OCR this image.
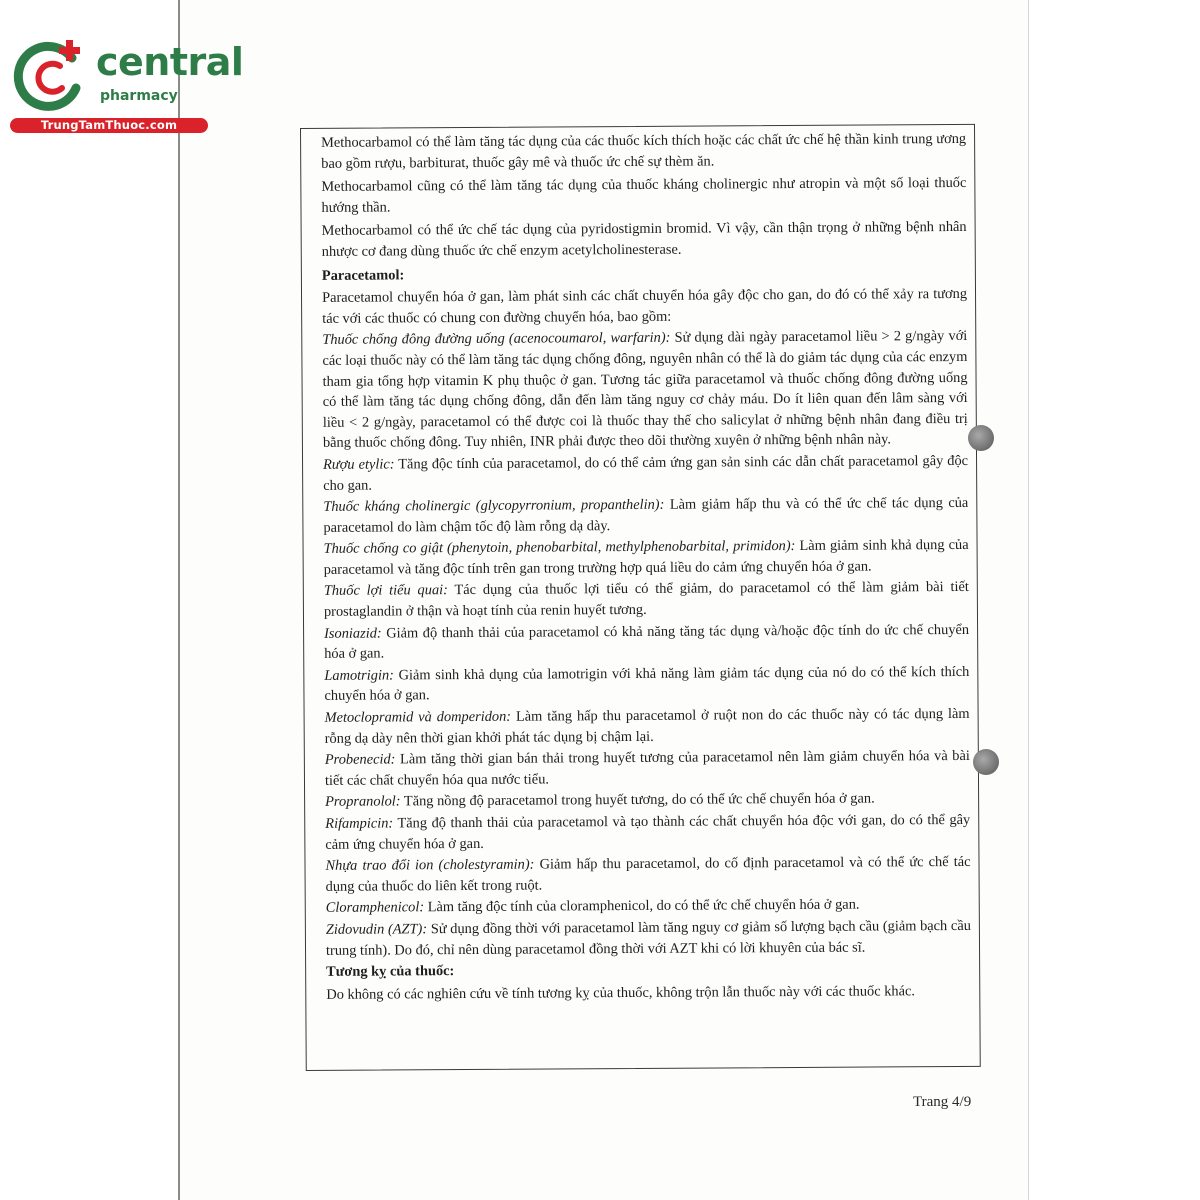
central
pharmacy
TrungTamThuoc.com

Methocarbamol có thể làm tăng tác dụng của các thuốc kích thích hoặc các chất ức chế hệ thần kinh trung ương bao gồm rượu, barbiturat, thuốc gây mê và thuốc ức chế sự thèm ăn.

Methocarbamol cũng có thể làm tăng tác dụng của thuốc kháng cholinergic như atropin và một số loại thuốc hướng thần.

Methocarbamol có thể ức chế tác dụng của pyridostigmin bromid. Vì vậy, cần thận trọng ở những bệnh nhân nhược cơ đang dùng thuốc ức chế enzym acetylcholinesterase.

Paracetamol:

Paracetamol chuyển hóa ở gan, làm phát sinh các chất chuyển hóa gây độc cho gan, do đó có thể xảy ra tương tác với các thuốc có chung con đường chuyển hóa, bao gồm:

Thuốc chống đông đường uống (acenocoumarol, warfarin): Sử dụng dài ngày paracetamol liều > 2 g/ngày với các loại thuốc này có thể làm tăng tác dụng chống đông, nguyên nhân có thể là do giảm tác dụng của các enzym tham gia tổng hợp vitamin K phụ thuộc ở gan. Tương tác giữa paracetamol và thuốc chống đông đường uống có thể làm tăng tác dụng chống đông, dẫn đến làm tăng nguy cơ chảy máu. Do ít liên quan đến lâm sàng với liều < 2 g/ngày, paracetamol có thể được coi là thuốc thay thế cho salicylat ở những bệnh nhân đang điều trị bằng thuốc chống đông. Tuy nhiên, INR phải được theo dõi thường xuyên ở những bệnh nhân này.

Rượu etylic: Tăng độc tính của paracetamol, do có thể cảm ứng gan sản sinh các dẫn chất paracetamol gây độc cho gan.

Thuốc kháng cholinergic (glycopyrronium, propanthelin): Làm giảm hấp thu và có thể ức chế tác dụng của paracetamol do làm chậm tốc độ làm rỗng dạ dày.

Thuốc chống co giật (phenytoin, phenobarbital, methylphenobarbital, primidon): Làm giảm sinh khả dụng của paracetamol và tăng độc tính trên gan trong trường hợp quá liều do cảm ứng chuyển hóa ở gan.

Thuốc lợi tiểu quai: Tác dụng của thuốc lợi tiểu có thể giảm, do paracetamol có thể làm giảm bài tiết prostaglandin ở thận và hoạt tính của renin huyết tương.

Isoniazid: Giảm độ thanh thải của paracetamol có khả năng tăng tác dụng và/hoặc độc tính do ức chế chuyển hóa ở gan.

Lamotrigin: Giảm sinh khả dụng của lamotrigin với khả năng làm giảm tác dụng của nó do có thể kích thích chuyển hóa ở gan.

Metoclopramid và domperidon: Làm tăng hấp thu paracetamol ở ruột non do các thuốc này có tác dụng làm rỗng dạ dày nên thời gian khởi phát tác dụng bị chậm lại.

Probenecid: Làm tăng thời gian bán thải trong huyết tương của paracetamol nên làm giảm chuyển hóa và bài tiết các chất chuyển hóa qua nước tiểu.

Propranolol: Tăng nồng độ paracetamol trong huyết tương, do có thể ức chế chuyển hóa ở gan.

Rifampicin: Tăng độ thanh thải của paracetamol và tạo thành các chất chuyển hóa độc với gan, do có thể gây cảm ứng chuyển hóa ở gan.

Nhựa trao đổi ion (cholestyramin): Giảm hấp thu paracetamol, do cố định paracetamol và có thể ức chế tác dụng của thuốc do liên kết trong ruột.

Cloramphenicol: Làm tăng độc tính của cloramphenicol, do có thể ức chế chuyển hóa ở gan.

Zidovudin (AZT): Sử dụng đồng thời với paracetamol làm tăng nguy cơ giảm số lượng bạch cầu (giảm bạch cầu trung tính). Do đó, chỉ nên dùng paracetamol đồng thời với AZT khi có lời khuyên của bác sĩ.

Tương kỵ của thuốc:

Do không có các nghiên cứu về tính tương kỵ của thuốc, không trộn lẫn thuốc này với các thuốc khác.

Trang 4/9
